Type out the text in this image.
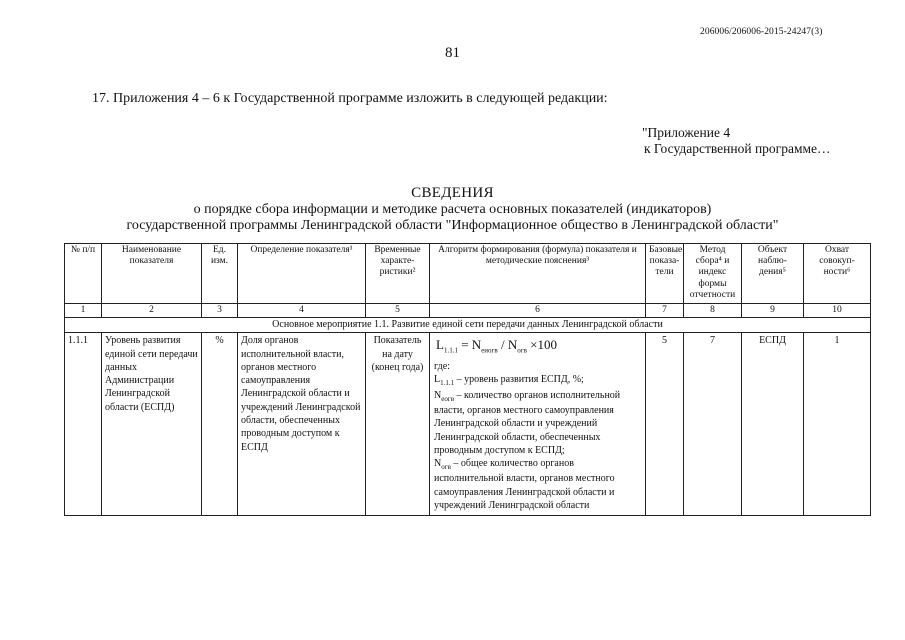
206006/206006-2015-24247(3)
81
17. Приложения 4 – 6 к Государственной программе изложить в следующей редакции:
"Приложение 4
к Государственной программе…
СВЕДЕНИЯ
о порядке сбора информации и методике расчета основных показателей (индикаторов)
государственной программы Ленинградской области "Информационное общество в Ленинградской области"
№ п/п	Наименование показателя	Ед. изм.	Определение показателя¹	Временные характе-ристики²	Алгоритм формирования (формула) показателя и методические пояснения³	Базовые показа-тели	Метод сбора⁴ и индекс формы отчетности	Объект наблю-дения⁵	Охват совокуп-ности⁶
1	2	3	4	5	6	7	8	9	10
Основное мероприятие 1.1. Развитие единой сети передачи данных Ленинградской области									
1.1.1	Уровень развития единой сети передачи данных Администрации Ленинградской области (ЕСПД)	%	Доля органов исполнительной власти, органов местного самоуправления Ленинградской области и учреждений Ленинградской области, обеспеченных проводным доступом к ЕСПД	Показатель на дату (конец года)	$L_{1.1.1} = N_{еиогв} / N_{огв} \times 100$
где:
$L_{1.1.1}$ – уровень развития ЕСПД, %;
$N_{еогв}$ – количество органов исполнительной власти, органов местного самоуправления Ленинградской области и учреждений Ленинградской области, обеспеченных проводным доступом к ЕСПД;
$N_{огв}$ – общее количество органов исполнительной власти, органов местного самоуправления Ленинградской области и учреждений Ленинградской области	5	7	ЕСПД	1
